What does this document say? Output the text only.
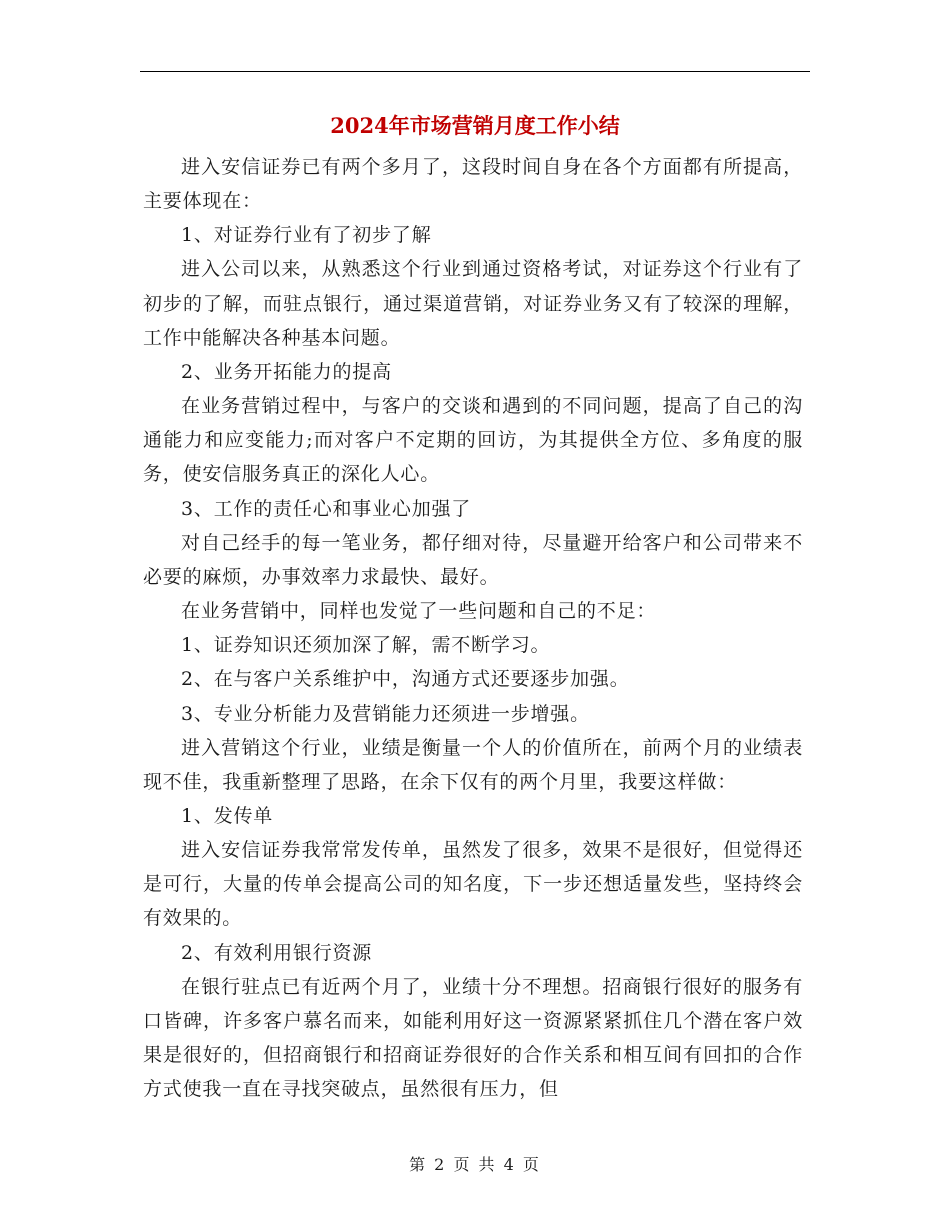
2024年市场营销月度工作小结

进入安信证券已有两个多月了，这段时间自身在各个方面都有所提高，主要体现在：

1、对证券行业有了初步了解

进入公司以来，从熟悉这个行业到通过资格考试，对证券这个行业有了初步的了解，而驻点银行，通过渠道营销，对证券业务又有了较深的理解，工作中能解决各种基本问题。

2、业务开拓能力的提高

在业务营销过程中，与客户的交谈和遇到的不同问题，提高了自己的沟通能力和应变能力;而对客户不定期的回访，为其提供全方位、多角度的服务，使安信服务真正的深化人心。

3、工作的责任心和事业心加强了

对自己经手的每一笔业务，都仔细对待，尽量避开给客户和公司带来不必要的麻烦，办事效率力求最快、最好。

在业务营销中，同样也发觉了一些问题和自己的不足：

1、证券知识还须加深了解，需不断学习。

2、在与客户关系维护中，沟通方式还要逐步加强。

3、专业分析能力及营销能力还须进一步增强。

进入营销这个行业，业绩是衡量一个人的价值所在，前两个月的业绩表现不佳，我重新整理了思路，在余下仅有的两个月里，我要这样做：

1、发传单

进入安信证券我常常发传单，虽然发了很多，效果不是很好，但觉得还是可行，大量的传单会提高公司的知名度，下一步还想适量发些，坚持终会有效果的。

2、有效利用银行资源

在银行驻点已有近两个月了，业绩十分不理想。招商银行很好的服务有口皆碑，许多客户慕名而来，如能利用好这一资源紧紧抓住几个潜在客户效果是很好的，但招商银行和招商证券很好的合作关系和相互间有回扣的合作方式使我一直在寻找突破点，虽然很有压力，但

第 2 页 共 4 页
